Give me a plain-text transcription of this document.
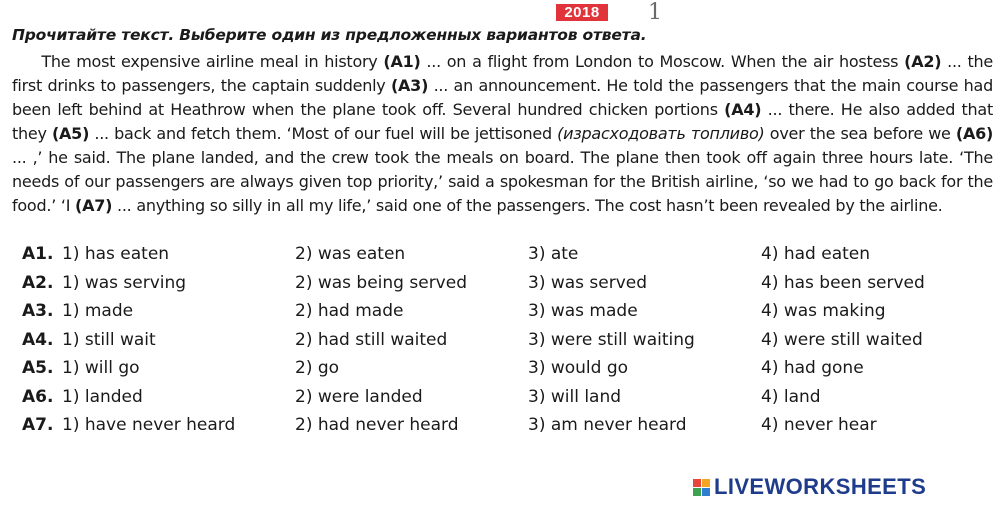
2018	1
Прочитайте текст. Выберите один из предложенных вариантов ответа.
The most expensive airline meal in history (A1) ... on a flight from London to Moscow. When the air hostess (A2) ... the first drinks to passengers, the captain suddenly (A3) ... an announcement. He told the passengers that the main course had been left behind at Heathrow when the plane took off. Several hundred chicken portions (A4) ... there. He also added that they (A5) ... back and fetch them. ‘Most of our fuel will be jettisoned (израсходовать топливо) over the sea before we (A6) ... ,’ he said. The plane landed, and the crew took the meals on board. The plane then took off again three hours late. ‘The needs of our passengers are always given top priority,’ said a spokesman for the British airline, ‘so we had to go back for the food.’ ‘I (A7) ... anything so silly in all my life,’ said one of the passengers. The cost hasn’t been revealed by the airline.
A1. 1) has eaten	2) was eaten	3) ate	4) had eaten
A2. 1) was serving	2) was being served	3) was served	4) has been served
A3. 1) made	2) had made	3) was made	4) was making
A4. 1) still wait	2) had still waited	3) were still waiting	4) were still waited
A5. 1) will go	2) go	3) would go	4) had gone
A6. 1) landed	2) were landed	3) will land	4) land
A7. 1) have never heard	2) had never heard	3) am never heard	4) never hear
LIVEWORKSHEETS
